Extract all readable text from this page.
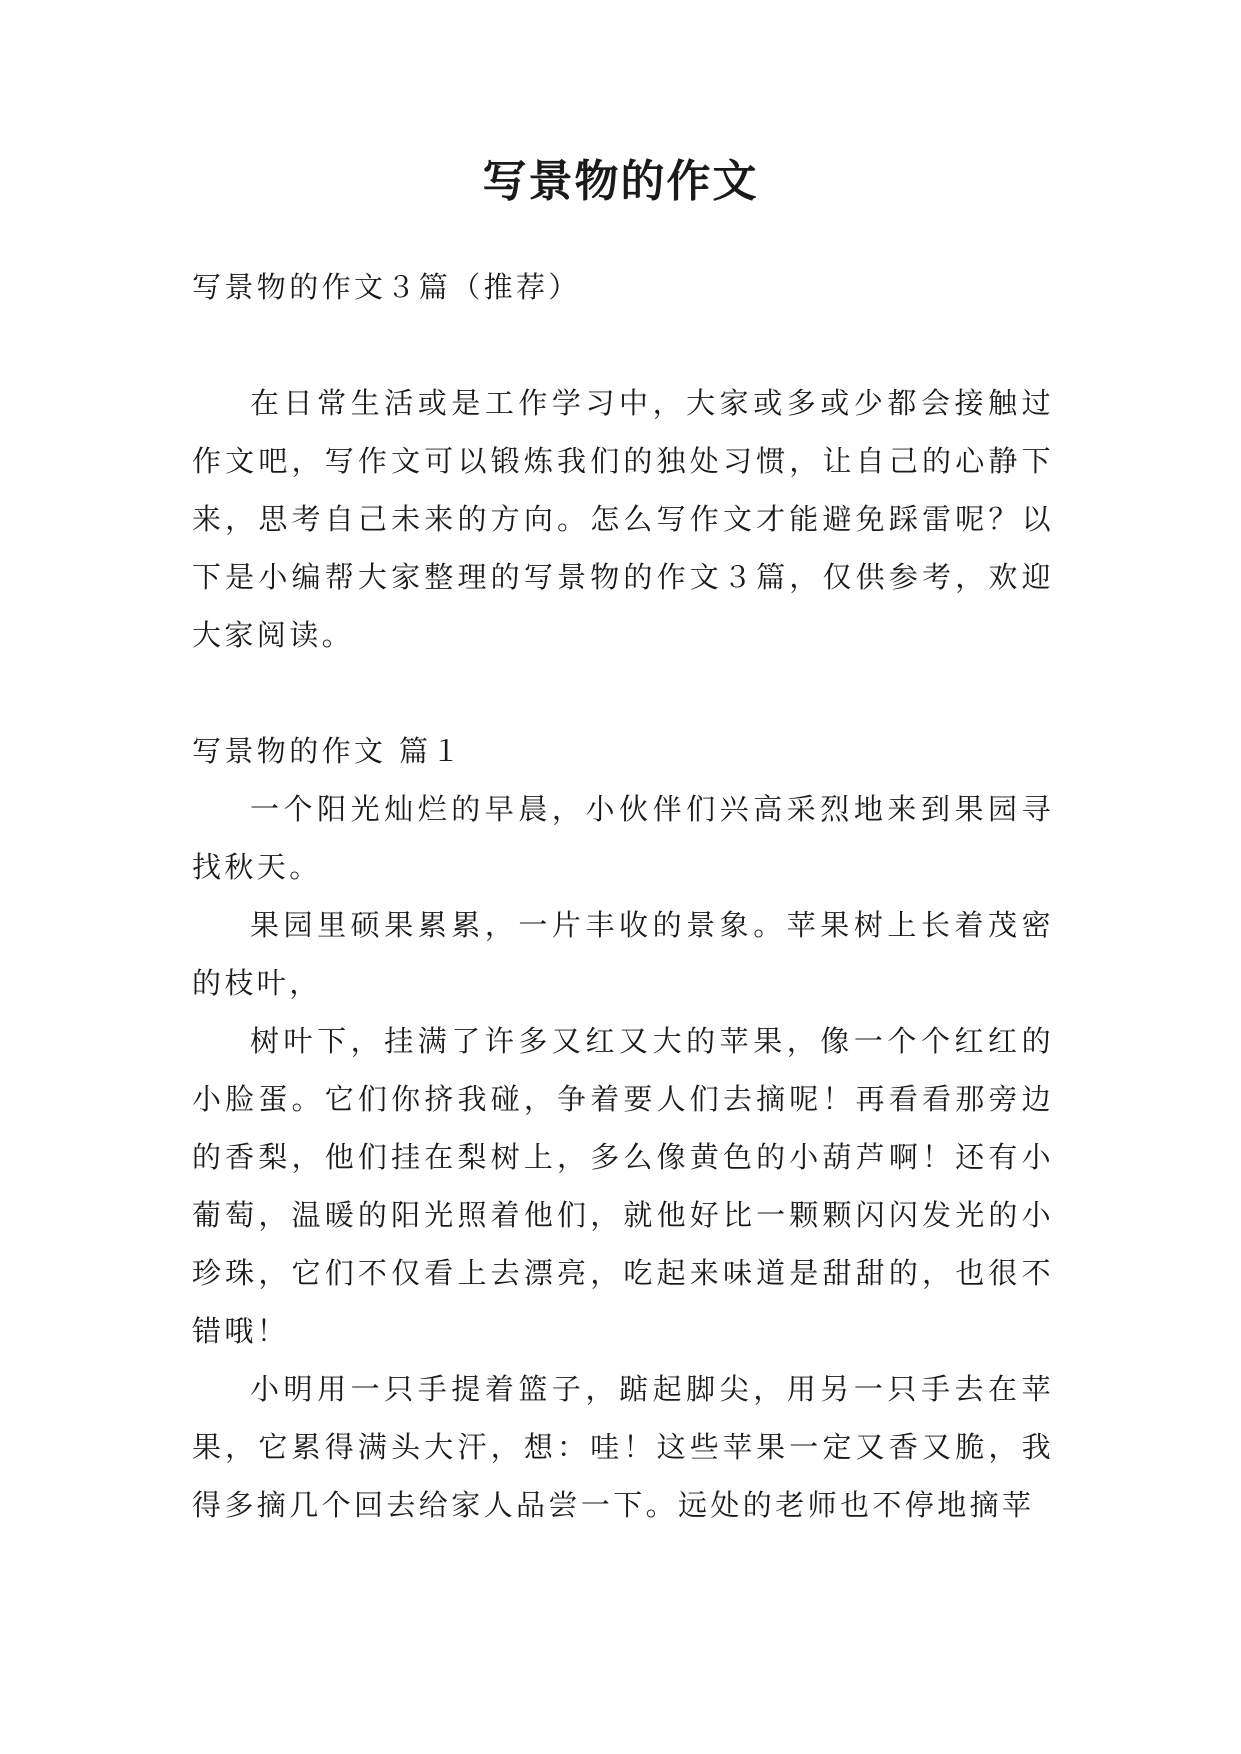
写景物的作文

写景物的作文３篇（推荐）

在日常生活或是工作学习中，大家或多或少都会接触过作文吧，写作文可以锻炼我们的独处习惯，让自己的心静下来，思考自己未来的方向。怎么写作文才能避免踩雷呢？以下是小编帮大家整理的写景物的作文３篇，仅供参考，欢迎大家阅读。

写景物的作文 篇１

一个阳光灿烂的早晨，小伙伴们兴高采烈地来到果园寻找秋天。

果园里硕果累累，一片丰收的景象。苹果树上长着茂密的枝叶，

树叶下，挂满了许多又红又大的苹果，像一个个红红的小脸蛋。它们你挤我碰，争着要人们去摘呢！再看看那旁边的香梨，他们挂在梨树上，多么像黄色的小葫芦啊！还有小葡萄，温暖的阳光照着他们，就他好比一颗颗闪闪发光的小珍珠，它们不仅看上去漂亮，吃起来味道是甜甜的，也很不错哦！

小明用一只手提着篮子，踮起脚尖，用另一只手去在苹果，它累得满头大汗，想：哇！这些苹果一定又香又脆，我得多摘几个回去给家人品尝一下。远处的老师也不停地摘苹
